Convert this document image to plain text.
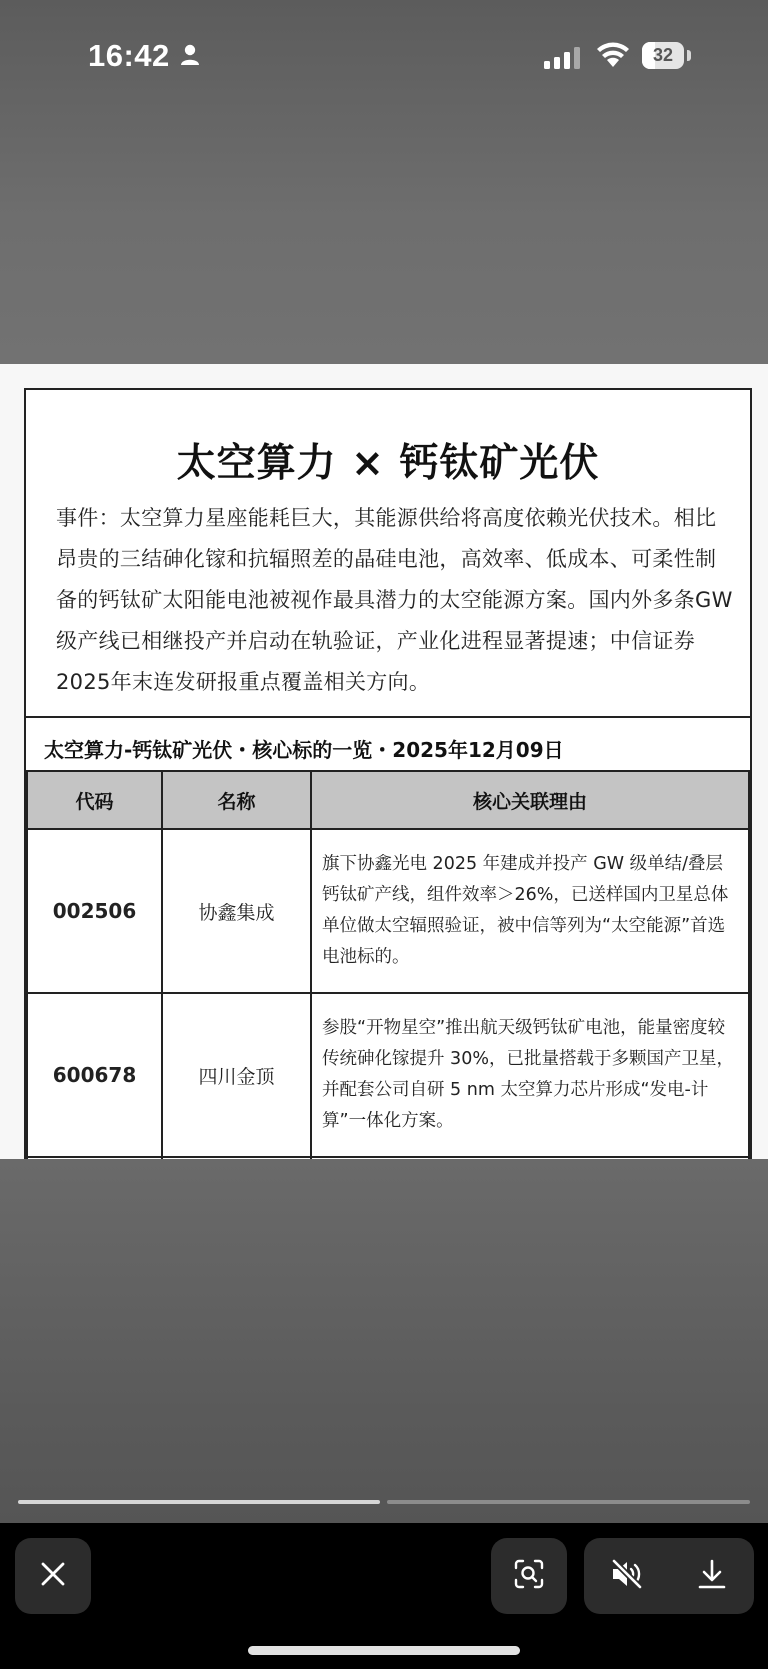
16:42	32
太空算力 × 钙钛矿光伏
事件：太空算力星座能耗巨大，其能源供给将高度依赖光伏技术。相比昂贵的三结砷化镓和抗辐照差的晶硅电池，高效率、低成本、可柔性制备的钙钛矿太阳能电池被视作最具潜力的太空能源方案。国内外多条GW级产线已相继投产并启动在轨验证，产业化进程显著提速；中信证券2025年末连发研报重点覆盖相关方向。
太空算力-钙钛矿光伏・核心标的一览・2025年12月09日
代码	名称	核心关联理由
002506	协鑫集成	旗下协鑫光电 2025 年建成并投产 GW 级单结/叠层钙钛矿产线，组件效率＞26%，已送样国内卫星总体单位做太空辐照验证，被中信等列为“太空能源”首选电池标的。
600678	四川金顶	参股“开物星空”推出航天级钙钛矿电池，能量密度较传统砷化镓提升 30%，已批量搭载于多颗国产卫星，并配套公司自研 5 nm 太空算力芯片形成“发电-计算”一体化方案。
